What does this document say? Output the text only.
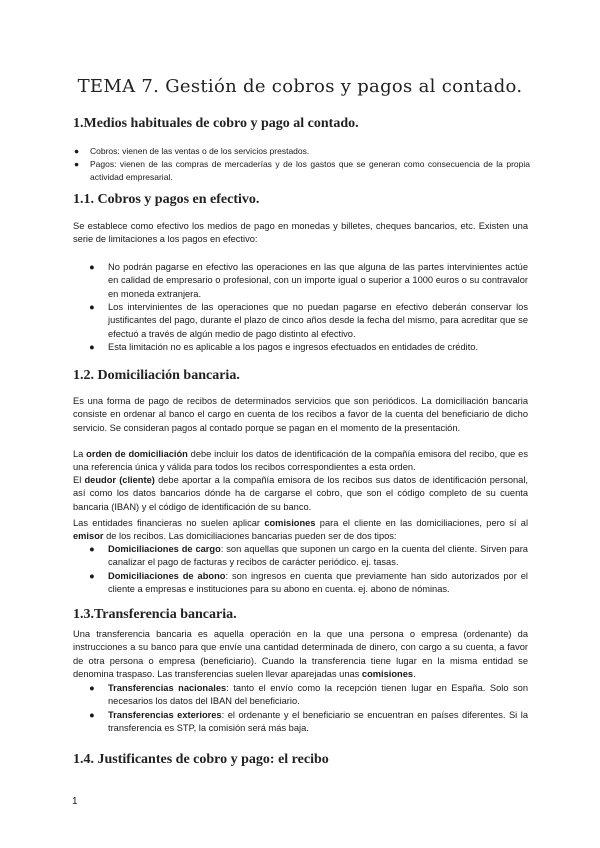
TEMA 7. Gestión de cobros y pagos al contado.
1.Medios habituales de cobro y pago al contado.

● Cobros: vienen de las ventas o de los servicios prestados.

● Pagos: vienen de las compras de mercaderías y de los gastos que se generan como consecuencia de la propia actividad empresarial.

1.1. Cobros y pagos en efectivo.

Se establece como efectivo los medios de pago en monedas y billetes, cheques bancarios, etc. Existen una serie de limitaciones a los pagos en efectivo:

● No podrán pagarse en efectivo las operaciones en las que alguna de las partes intervinientes actúe en calidad de empresario o profesional, con un importe igual o superior a 1000 euros o su contravalor en moneda extranjera.

● Los intervinientes de las operaciones que no puedan pagarse en efectivo deberán conservar los justificantes del pago, durante el plazo de cinco años desde la fecha del mismo, para acreditar que se efectuó a través de algún medio de pago distinto al efectivo.

● Esta limitación no es aplicable a los pagos e ingresos efectuados en entidades de crédito.

1.2. Domiciliación bancaria.

Es una forma de pago de recibos de determinados servicios que son periódicos. La domiciliación bancaria consiste en ordenar al banco el cargo en cuenta de los recibos a favor de la cuenta del beneficiario de dicho servicio. Se consideran pagos al contado porque se pagan en el momento de la presentación.

La orden de domiciliación debe incluir los datos de identificación de la compañía emisora del recibo, que es una referencia única y válida para todos los recibos correspondientes a esta orden.

El deudor (cliente) debe aportar a la compañía emisora de los recibos sus datos de identificación personal, así como los datos bancarios dónde ha de cargarse el cobro, que son el código completo de su cuenta bancaria (IBAN) y el código de identificación de su banco.

Las entidades financieras no suelen aplicar comisiones para el cliente en las domiciliaciones, pero sí al emisor de los recibos. Las domiciliaciones bancarias pueden ser de dos tipos:

● Domiciliaciones de cargo: son aquellas que suponen un cargo en la cuenta del cliente. Sirven para canalizar el pago de facturas y recibos de carácter periódico. ej. tasas.

● Domiciliaciones de abono: son ingresos en cuenta que previamente han sido autorizados por el cliente a empresas e instituciones para su abono en cuenta. ej. abono de nóminas.

1.3.Transferencia bancaria.

Una transferencia bancaria es aquella operación en la que una persona o empresa (ordenante) da instrucciones a su banco para que envíe una cantidad determinada de dinero, con cargo a su cuenta, a favor de otra persona o empresa (beneficiario). Cuando la transferencia tiene lugar en la misma entidad se denomina traspaso. Las transferencias suelen llevar aparejadas unas comisiones.

● Transferencias nacionales: tanto el envío como la recepción tienen lugar en España. Solo son necesarios los datos del IBAN del beneficiario.

● Transferencias exteriores: el ordenante y el beneficiario se encuentran en países diferentes. Si la transferencia es STP, la comisión será más baja.

1.4. Justificantes de cobro y pago: el recibo
1
